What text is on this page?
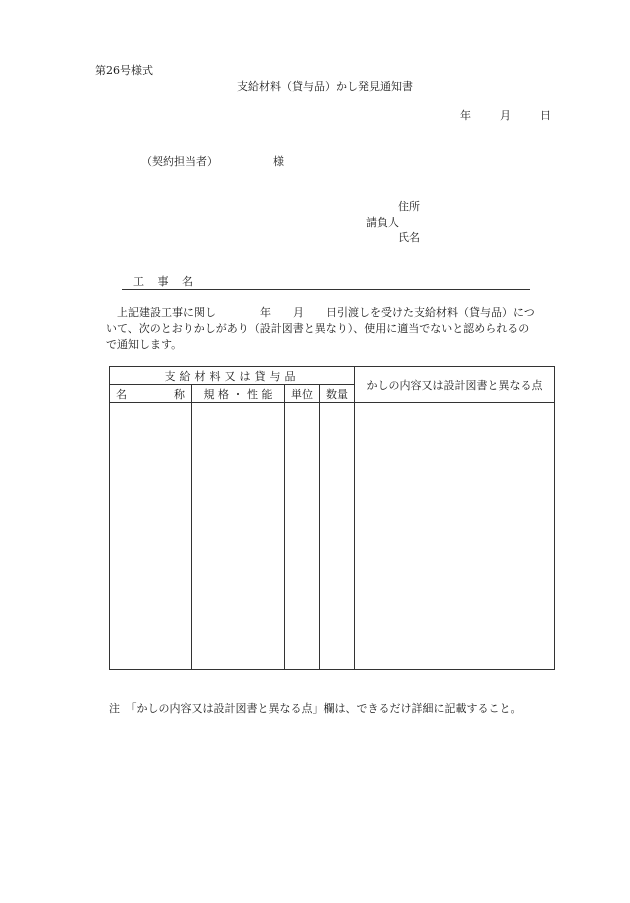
第26号様式
支給材料（貸与品）かし発見通知書
年	月	日
（契約担当者）	様
住所
請負人
氏名
工 事 名
　上記建設工事に関し　　　　年　　月　　日引渡しを受けた支給材料（貸与品）につ
いて、次のとおりかしがあり（設計図書と異なり）、使用に適当でないと認められるの
で通知します。
支給材料又は貸与品				かしの内容又は設計図書と異なる点

名 称	規 格 ・ 性 能	単位	数量	

注　「かしの内容又は設計図書と異なる点」欄は、できるだけ詳細に記載すること。
